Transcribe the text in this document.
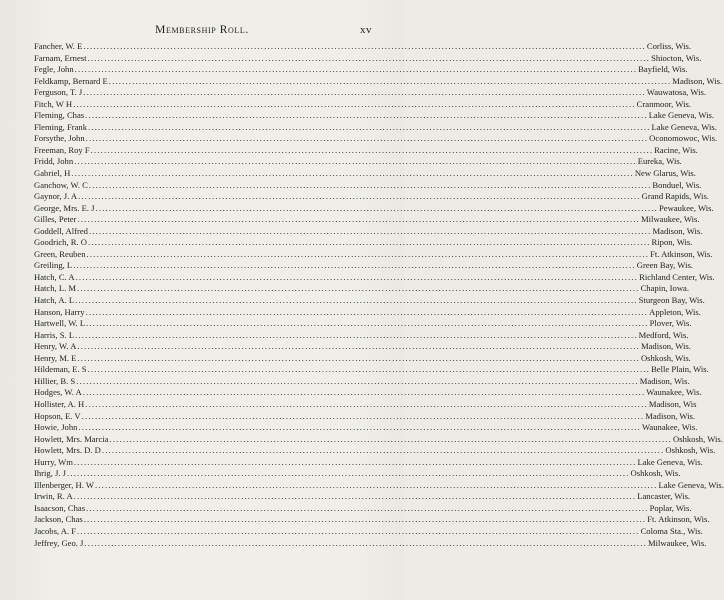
Membership Roll.	xv
Fancher, W. E ........................................................................................................................................................................ Corliss, Wis.
Farnam, Ernest ........................................................................................................................................................................ Shiocton, Wis.
Fegle, John ........................................................................................................................................................................ Bayfield, Wis.
Feldkamp, Bernard E ........................................................................................................................................................................ Madison, Wis.
Ferguson, T. J ........................................................................................................................................................................ Wauwatosa, Wis.
Fitch, W H ........................................................................................................................................................................ Cranmoor, Wis.
Fleming, Chas ........................................................................................................................................................................ Lake Geneva, Wis.
Fleming, Frank ........................................................................................................................................................................ Lake Geneva, Wis.
Forsythe, John ........................................................................................................................................................................ Oconomowoc, Wis.
Freeman, Roy F ........................................................................................................................................................................ Racine, Wis.
Fridd, John ........................................................................................................................................................................ Eureka, Wis.
Gabriel, H ........................................................................................................................................................................ New Glarus, Wis.
Ganchow, W. C ........................................................................................................................................................................ Bonduel, Wis.
Gaynor, J. A ........................................................................................................................................................................ Grand Rapids, Wis.
George, Mrs. E. J ........................................................................................................................................................................ Pewaukee, Wis.
Gilles, Peter ........................................................................................................................................................................ Milwaukee, Wis.
Goddell, Alfred ........................................................................................................................................................................ Madison, Wis.
Goodrich, R. O ........................................................................................................................................................................ Ripon, Wis.
Green, Reuben ........................................................................................................................................................................ Ft. Atkinson, Wis.
Greiling, L ........................................................................................................................................................................ Green Bay, Wis.
Hatch, C. A ........................................................................................................................................................................ Richland Center, Wis.
Hatch, L. M ........................................................................................................................................................................ Chapin, Iowa.
Hatch, A. L ........................................................................................................................................................................ Sturgeon Bay, Wis.
Hanson, Harry ........................................................................................................................................................................ Appleton, Wis.
Hartwell, W. L ........................................................................................................................................................................ Plover, Wis.
Harris, S. L ........................................................................................................................................................................ Medford, Wis.
Henry, W. A ........................................................................................................................................................................ Madison, Wis.
Henry, M. E ........................................................................................................................................................................ Oshkosh, Wis.
Hildeman, E. S ........................................................................................................................................................................ Belle Plain, Wis.
Hillier, B. S ........................................................................................................................................................................ Madison, Wis.
Hodges, W. A ........................................................................................................................................................................ Waunakee, Wis.
Hollister, A. H ........................................................................................................................................................................ Madison, Wis
Hopson, E. V ........................................................................................................................................................................ Madison, Wis.
Howie, John ........................................................................................................................................................................ Waunakee, Wis.
Howlett, Mrs. Marcia ........................................................................................................................................................................ Oshkosh, Wis.
Howlett, Mrs. D. D ........................................................................................................................................................................ Oshkosh, Wis.
Hurry, Wm ........................................................................................................................................................................ Lake Geneva, Wis.
Ihrig, J. J ........................................................................................................................................................................ Oshkosh, Wis.
Illenberger, H. W ........................................................................................................................................................................ Lake Geneva, Wis.
Irwin, R. A ........................................................................................................................................................................ Lancaster, Wis.
Isaacson, Chas ........................................................................................................................................................................ Poplar, Wis.
Jackson, Chas ........................................................................................................................................................................ Ft. Atkinson, Wis.
Jacobs, A. F ........................................................................................................................................................................ Coloma Sta., Wis.
Jeffrey, Geo. J ........................................................................................................................................................................ Milwaukee, Wis.
